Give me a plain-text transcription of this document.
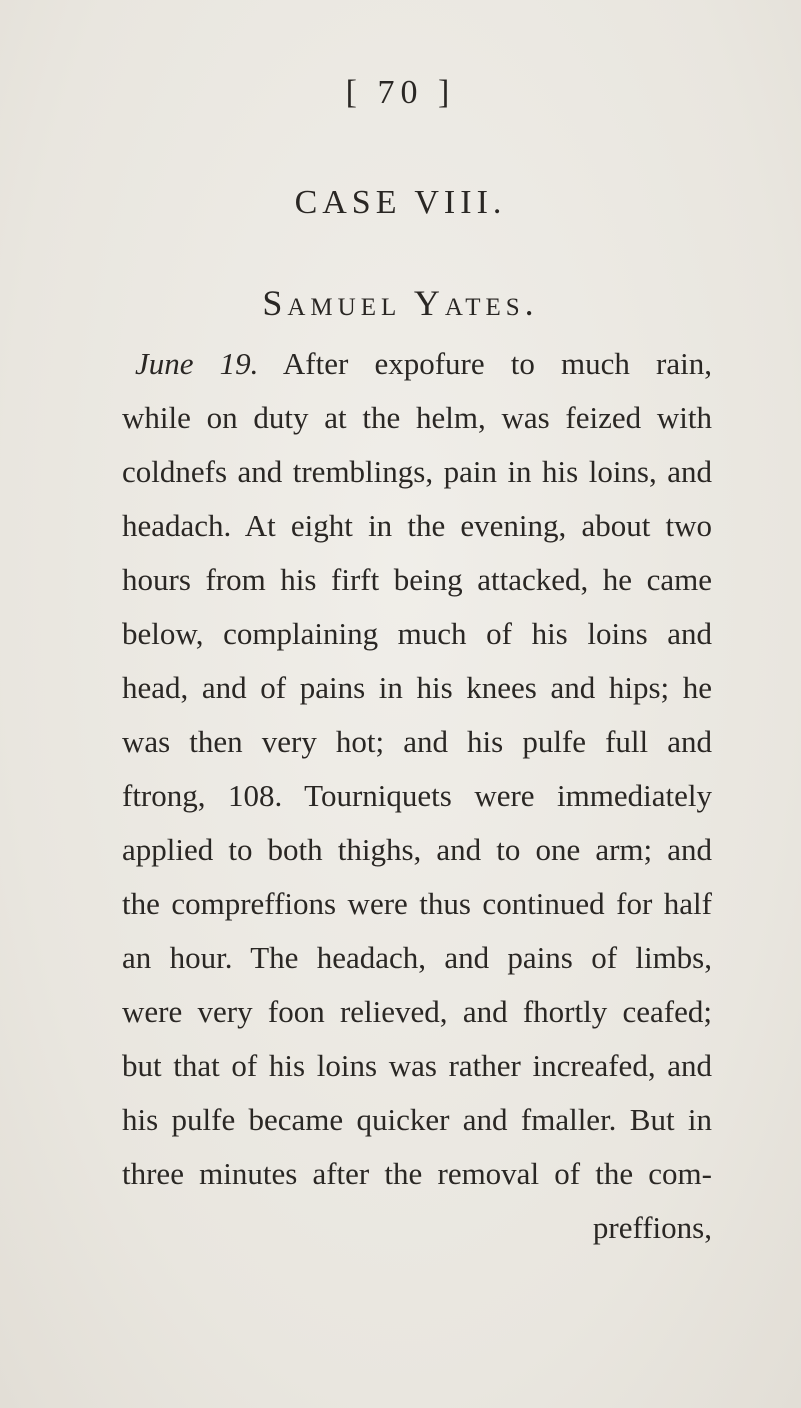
[ 70 ]
CASE VIII.
Samuel Yates.
June 19. After expofure to much rain,
while on duty at the helm, was feized with
coldnefs and tremblings, pain in his loins, and
headach. At eight in the evening, about two
hours from his firft being attacked, he came
below, complaining much of his loins and
head, and of pains in his knees and hips; he
was then very hot; and his pulfe full and
ftrong, 108. Tourniquets were immediately
applied to both thighs, and to one arm; and
the compreffions were thus continued for half
an hour. The headach, and pains of limbs,
were very foon relieved, and fhortly ceafed;
but that of his loins was rather increafed, and
his pulfe became quicker and fmaller. But in
three minutes after the removal of the com-
preffions,
